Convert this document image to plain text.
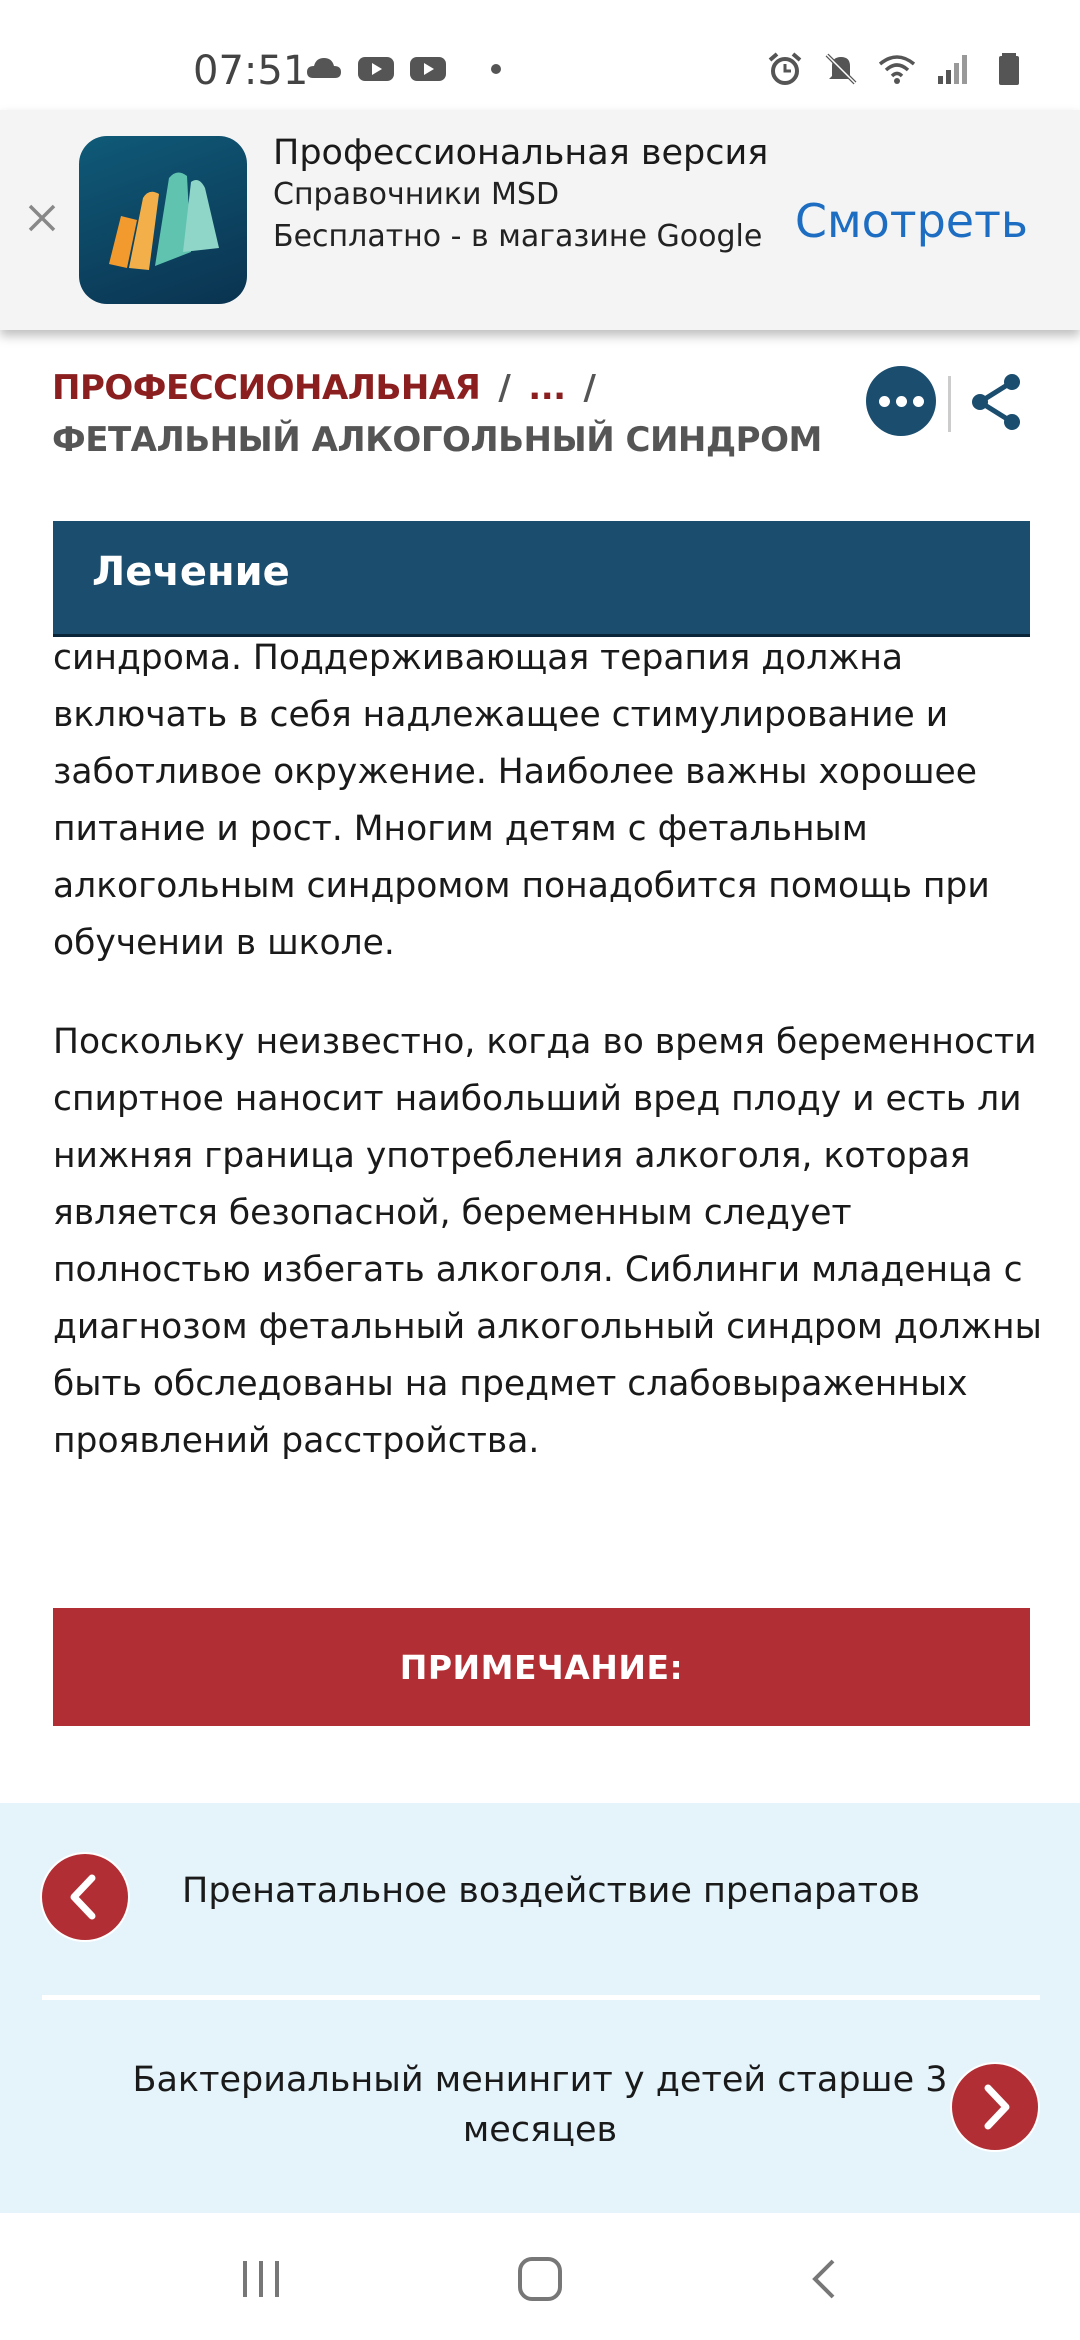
07:51

Профессиональная версия

Справочники MSD

Бесплатно - в магазине Google Смотреть
ПРОФЕССИОНАЛЬНАЯ / ... /ФЕТАЛЬНЫЙ АЛКОГОЛЬНЫЙ СИНДРОМ
Лечение

синдрома. Поддерживающая терапия должна включать в себя надлежащее стимулирование и заботливое окружение. Наиболее важны хорошее питание и рост. Многим детям с фетальным алкогольным синдромом понадобится помощь при обучении в школе.

Поскольку неизвестно, когда во время беременности спиртное наносит наибольший вред плоду и есть ли нижняя граница употребления алкоголя, которая является безопасной, беременным следует полностью избегать алкоголя. Сиблинги младенца с диагнозом фетальный алкогольный синдром должны быть обследованы на предмет слабовыраженных проявлений расстройства.

ПРИМЕЧАНИЕ:
Пренатальное воздействие препаратов
Бактериальный менингит у детей старше 3 месяцев
